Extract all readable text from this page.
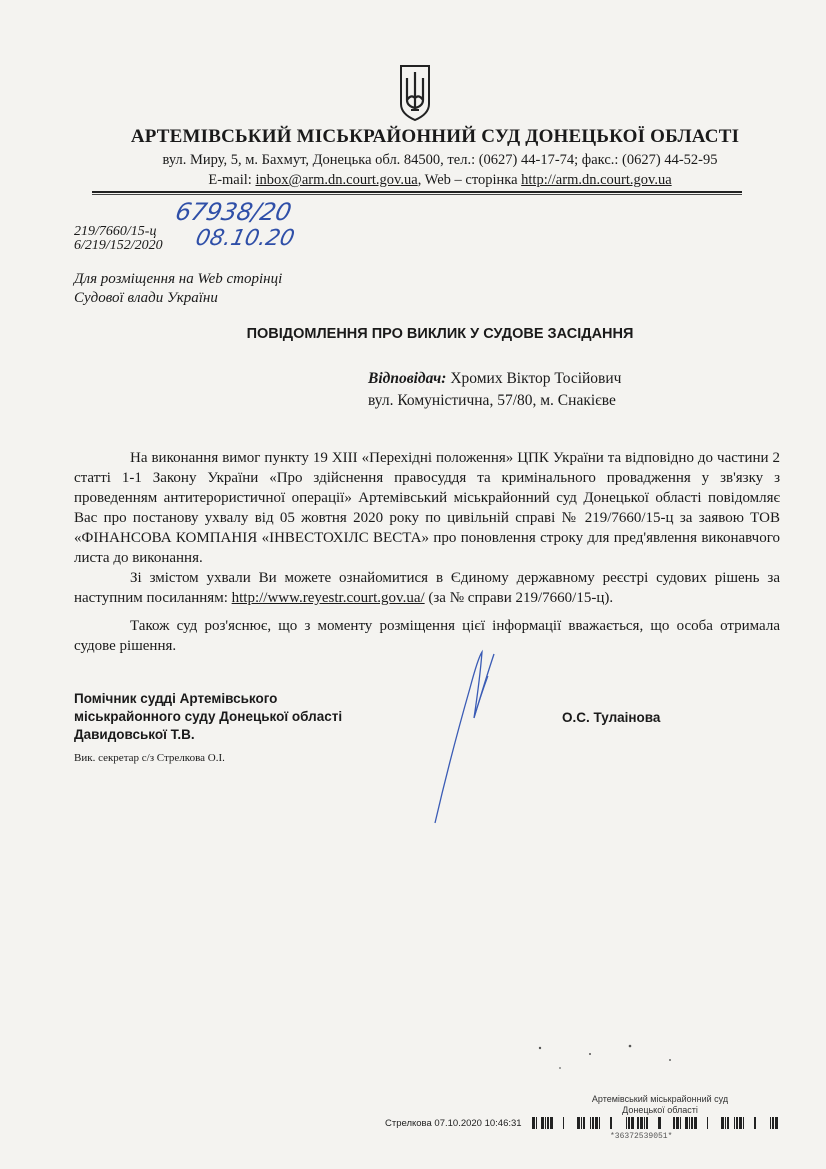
АРТЕМІВСЬКИЙ МІСЬКРАЙОННИЙ СУД ДОНЕЦЬКОЇ ОБЛАСТІ
вул. Миру, 5, м. Бахмут, Донецька обл. 84500, тел.: (0627) 44-17-74; факс.: (0627) 44-52-95
E-mail: inbox@arm.dn.court.gov.ua, Web – сторінка http://arm.dn.court.gov.ua
219/7660/15-ц
6/219/152/2020
67938/20
08.10.20
Для розміщення на Web сторінці
Судової влади України
ПОВІДОМЛЕННЯ ПРО ВИКЛИК У СУДОВЕ ЗАСІДАННЯ
Відповідач: Хромих Віктор Тосійович
вул. Комуністична, 57/80, м. Снакієве

На виконання вимог пункту 19 ХІІІ «Перехідні положення» ЦПК України та відповідно до частини 2 статті 1-1 Закону України «Про здійснення правосуддя та кримінального провадження у зв'язку з проведенням антитерористичної операції» Артемівський міськрайонний суд Донецької області повідомляє Вас про постанову ухвалу від 05 жовтня 2020 року по цивільній справі № 219/7660/15-ц за заявою ТОВ «ФІНАНСОВА КОМПАНІЯ «ІНВЕСТОХІЛС ВЕСТА» про поновлення строку для пред'явлення виконавчого листа до виконання.

Зі змістом ухвали Ви можете ознайомитися в Єдиному державному реєстрі судових рішень за наступним посиланням: http://www.reyestr.court.gov.ua/ (за № справи 219/7660/15-ц).

Також суд роз'яснює, що з моменту розміщення цієї інформації вважається, що особа отримала судове рішення.

Помічник судді Артемівського
міськрайонного суду Донецької області
Давидовської Т.В.
О.С. Тулаінова
Вик. секретар с/з Стрелкова О.І.
Артемівський міськрайонний суд
Донецької області
Стрелкова 07.10.2020 10:46:31
*36372539051*
